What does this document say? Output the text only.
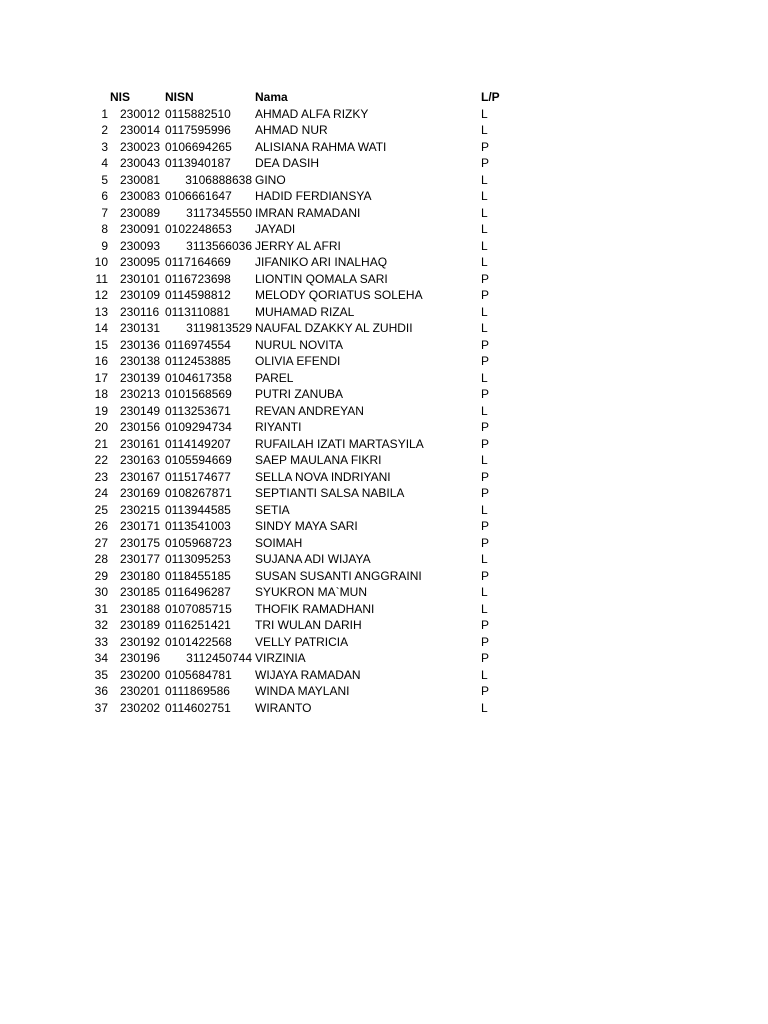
NIS	NISN	Nama	L/P
1 230012 0115882510 AHMAD ALFA RIZKY	L
2 230014 0117595996 AHMAD NUR	L
3 230023 0106694265 ALISIANA RAHMA WATI	P
4 230043 0113940187 DEA DASIH	P
5 230081 3106888638 GINO	L
6 230083 0106661647 HADID FERDIANSYA	L
7 230089 3117345550 IMRAN RAMADANI	L
8 230091 0102248653 JAYADI	L
9 230093 3113566036 JERRY AL AFRI	L
10 230095 0117164669 JIFANIKO ARI INALHAQ	L
11 230101 0116723698 LIONTIN QOMALA SARI	P
12 230109 0114598812 MELODY QORIATUS SOLEHA	P
13 230116 0113110881 MUHAMAD RIZAL	L
14 230131 3119813529 NAUFAL DZAKKY AL ZUHDII	L
15 230136 0116974554 NURUL NOVITA	P
16 230138 0112453885 OLIVIA EFENDI	P
17 230139 0104617358 PAREL	L
18 230213 0101568569 PUTRI ZANUBA	P
19 230149 0113253671 REVAN ANDREYAN	L
20 230156 0109294734 RIYANTI	P
21 230161 0114149207 RUFAILAH IZATI MARTASYILA	P
22 230163 0105594669 SAEP MAULANA FIKRI	L
23 230167 0115174677 SELLA NOVA INDRIYANI	P
24 230169 0108267871 SEPTIANTI SALSA NABILA	P
25 230215 0113944585 SETIA	L
26 230171 0113541003 SINDY MAYA SARI	P
27 230175 0105968723 SOIMAH	P
28 230177 0113095253 SUJANA ADI WIJAYA	L
29 230180 0118455185 SUSAN SUSANTI ANGGRAINI	P
30 230185 0116496287 SYUKRON MA`MUN	L
31 230188 0107085715 THOFIK RAMADHANI	L
32 230189 0116251421 TRI WULAN DARIH	P
33 230192 0101422568 VELLY PATRICIA	P
34 230196 3112450744 VIRZINIA	P
35 230200 0105684781 WIJAYA RAMADAN	L
36 230201 0111869586 WINDA MAYLANI	P
37 230202 0114602751 WIRANTO	L
